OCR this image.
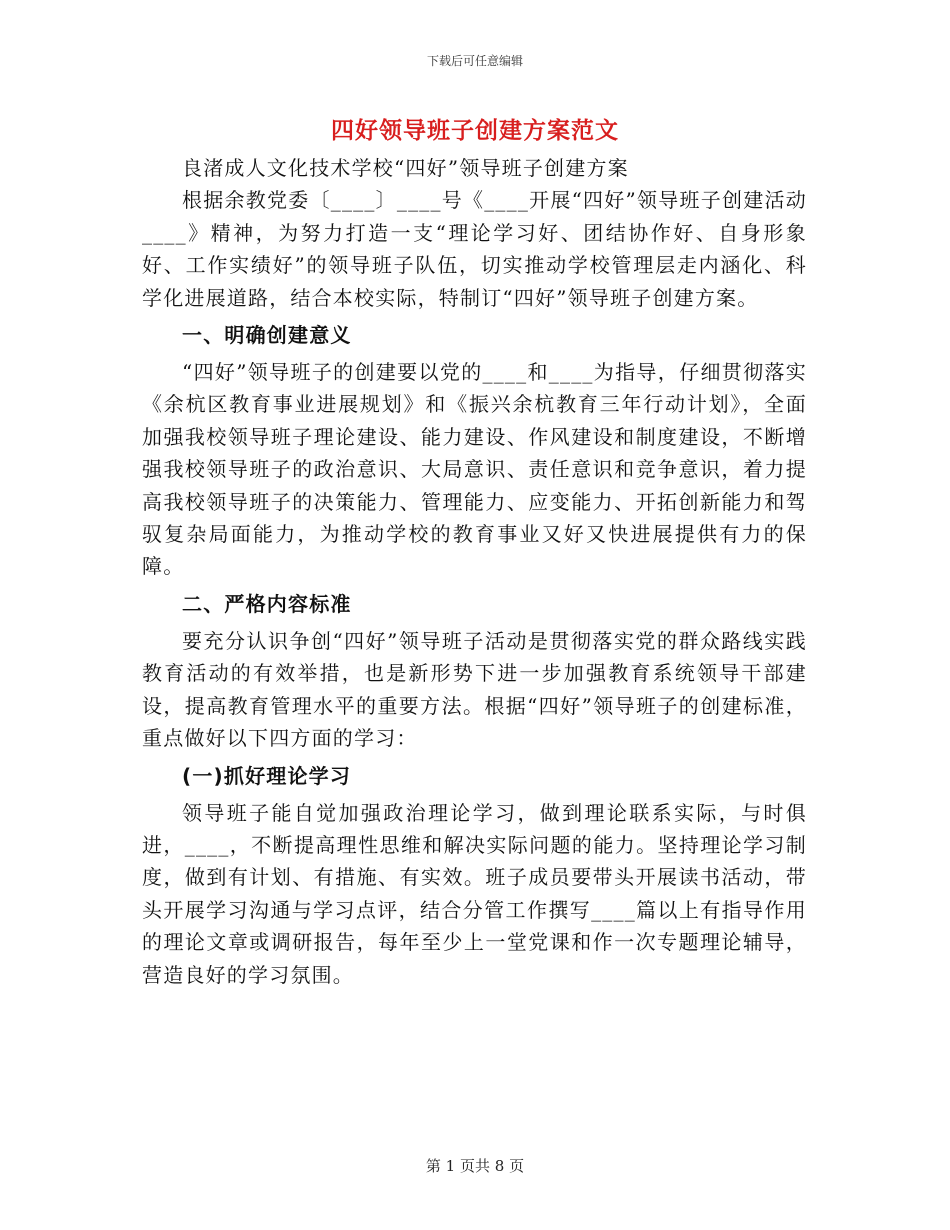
下载后可任意编辑
四好领导班子创建方案范文

良渚成人文化技术学校“四好”领导班子创建方案

根据余教党委〔____〕____号《____开展“四好”领导班子创建活动____》精神，为努力打造一支“理论学习好、团结协作好、自身形象好、工作实绩好”的领导班子队伍，切实推动学校管理层走内涵化、科学化进展道路，结合本校实际，特制订“四好”领导班子创建方案。

一、明确创建意义

“四好”领导班子的创建要以党的____和____为指导，仔细贯彻落实《余杭区教育事业进展规划》和《振兴余杭教育三年行动计划》，全面加强我校领导班子理论建设、能力建设、作风建设和制度建设，不断增强我校领导班子的政治意识、大局意识、责任意识和竞争意识，着力提高我校领导班子的决策能力、管理能力、应变能力、开拓创新能力和驾驭复杂局面能力，为推动学校的教育事业又好又快进展提供有力的保障。

二、严格内容标准

要充分认识争创“四好”领导班子活动是贯彻落实党的群众路线实践教育活动的有效举措，也是新形势下进一步加强教育系统领导干部建设，提高教育管理水平的重要方法。根据“四好”领导班子的创建标准，重点做好以下四方面的学习：

(一)抓好理论学习

领导班子能自觉加强政治理论学习，做到理论联系实际，与时俱进，____，不断提高理性思维和解决实际问题的能力。坚持理论学习制度，做到有计划、有措施、有实效。班子成员要带头开展读书活动，带头开展学习沟通与学习点评，结合分管工作撰写____篇以上有指导作用的理论文章或调研报告，每年至少上一堂党课和作一次专题理论辅导，营造良好的学习氛围。

第 1 页共 8 页
